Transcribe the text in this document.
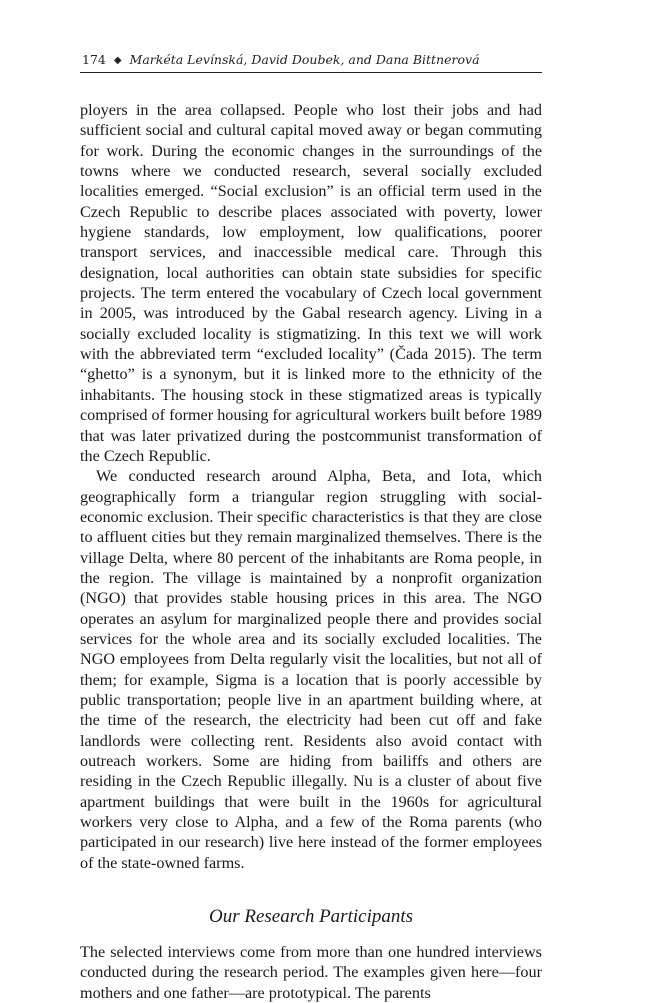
174 ◆ Markéta Levínská, David Doubek, and Dana Bittnerová

ployers in the area collapsed. People who lost their jobs and had sufficient social and cultural capital moved away or began commuting for work. During the economic changes in the surroundings of the towns where we conducted research, several socially excluded localities emerged. “Social exclusion” is an official term used in the Czech Republic to describe places associated with poverty, lower hygiene standards, low employment, low qualifications, poorer transport services, and inaccessible medical care. Through this designation, local authorities can obtain state subsidies for specific projects. The term entered the vocabulary of Czech local government in 2005, was introduced by the Gabal research agency. Living in a socially excluded locality is stigmatizing. In this text we will work with the abbreviated term “excluded locality” (Čada 2015). The term “ghetto” is a synonym, but it is linked more to the ethnicity of the inhabitants. The housing stock in these stigmatized areas is typically comprised of former housing for agricultural workers built before 1989 that was later privatized during the postcommunist transformation of the Czech Republic.

We conducted research around Alpha, Beta, and Iota, which geographically form a triangular region struggling with social-economic exclusion. Their specific characteristics is that they are close to affluent cities but they remain marginalized themselves. There is the village Delta, where 80 percent of the inhabitants are Roma people, in the region. The village is maintained by a nonprofit organization (NGO) that provides stable housing prices in this area. The NGO operates an asylum for marginalized people there and provides social services for the whole area and its socially excluded localities. The NGO employees from Delta regularly visit the localities, but not all of them; for example, Sigma is a location that is poorly accessible by public transportation; people live in an apartment building where, at the time of the research, the electricity had been cut off and fake landlords were collecting rent. Residents also avoid contact with outreach workers. Some are hiding from bailiffs and others are residing in the Czech Republic illegally. Nu is a cluster of about five apartment buildings that were built in the 1960s for agricultural workers very close to Alpha, and a few of the Roma parents (who participated in our research) live here instead of the former employees of the state-owned farms.

Our Research Participants

The selected interviews come from more than one hundred interviews conducted during the research period. The examples given here—four mothers and one father—are prototypical. The parents
